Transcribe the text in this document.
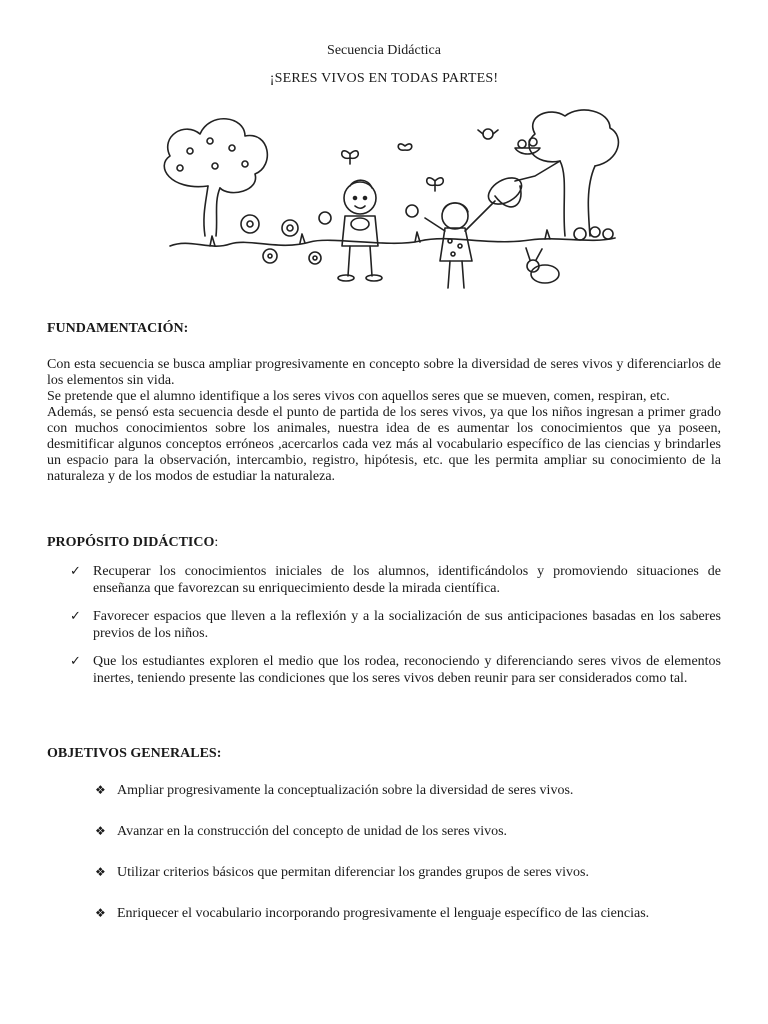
Secuencia Didáctica
¡SERES VIVOS EN TODAS PARTES!
FUNDAMENTACIÓN:

Con esta secuencia se busca ampliar progresivamente en concepto sobre la diversidad de seres vivos y diferenciarlos de los elementos sin vida.

Se pretende que el alumno identifique a los seres vivos con aquellos seres que se mueven, comen, respiran, etc.

Además, se pensó esta secuencia desde el punto de partida de los seres vivos, ya que los niños ingresan a primer grado con muchos conocimientos sobre los animales, nuestra idea de es aumentar los conocimientos que ya poseen, desmitificar algunos conceptos erróneos ,acercarlos cada vez más al vocabulario específico de las ciencias y brindarles un espacio para la observación, intercambio, registro, hipótesis, etc. que les permita ampliar su conocimiento de la naturaleza y de los modos de estudiar la naturaleza.

PROPÓSITO DIDÁCTICO:
✓ Recuperar los conocimientos iniciales de los alumnos, identificándolos y promoviendo situaciones de enseñanza que favorezcan su enriquecimiento desde la mirada científica.
✓ Favorecer espacios que lleven a la reflexión y a la socialización de sus anticipaciones basadas en los saberes previos de los niños.
✓ Que los estudiantes exploren el medio que los rodea, reconociendo y diferenciando seres vivos de elementos inertes, teniendo presente las condiciones que los seres vivos deben reunir para ser considerados como tal.
OBJETIVOS GENERALES:
❖ Ampliar progresivamente la conceptualización sobre la diversidad de seres vivos.
❖ Avanzar en la construcción del concepto de unidad de los seres vivos.
❖ Utilizar criterios básicos que permitan diferenciar los grandes grupos de seres vivos.
❖ Enriquecer el vocabulario incorporando progresivamente el lenguaje específico de las ciencias.
